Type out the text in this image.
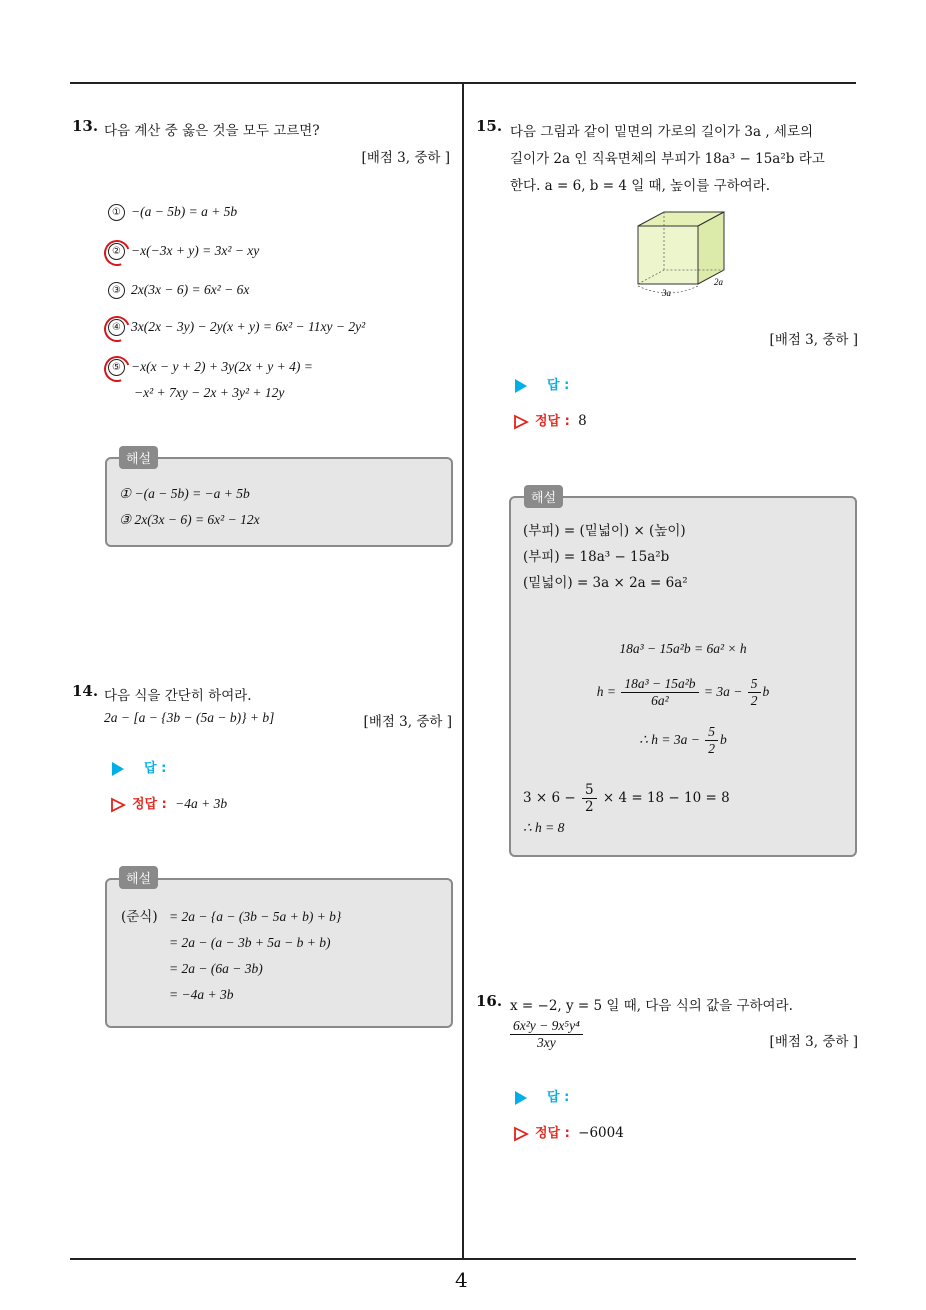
4
13. 다음 계산 중 옳은 것을 모두 고르면?
[배점 3, 중하 ]
① −(a − 5b) = a + 5b
② −x(−3x + y) = 3x² − xy
③ 2x(3x − 6) = 6x² − 6x
④ 3x(2x − 3y) − 2y(x + y) = 6x² − 11xy − 2y²
⑤ −x(x − y + 2) + 3y(2x + y + 4) =
−x² + 7xy − 2x + 3y² + 12y
① −(a − 5b) = −a + 5b
③ 2x(3x − 6) = 6x² − 12x
해설
14. 다음 식을 간단히 하여라.
2a − [a − {3b − (5a − b)} + b]	[배점 3, 중하 ]
답 :
정답 : −4a + 3b
(준식) = 2a − {a − (3b − 5a + b) + b}
= 2a − (a − 3b + 5a − b + b)
= 2a − (6a − 3b)
= −4a + 3b
해설
15. 다음 그림과 같이 밑면의 가로의 길이가 3a , 세로의
길이가 2a 인 직육면체의 부피가 18a³ − 15a²b 라고
한다. a = 6, b = 4 일 때, 높이를 구하여라.
3a
2a
[배점 3, 중하 ]
답 :
정답 : 8
(부피) = (밑넓이) × (높이)
(부피) = 18a³ − 15a²b
(밑넓이) = 3a × 2a = 6a²
18a³ − 15a²b = 6a² × h
$h = \frac{\text{18a³ − 15a²b}}{\text{6a²}} = 3a - \frac{5}{2}$ b
∴ $h = 3a - \frac{5}{2}$ b
$3 \times 6 - \frac{5}{2} \times 4 = 18 - 10 = 8$
∴ h = 8
해설
16. x = −2, y = 5 일 때, 다음 식의 값을 구하여라.
$\frac{\text{6x²y − 9x⁵y⁴}}{3xy}$	[배점 3, 중하 ]
답 :
정답 : −6004
